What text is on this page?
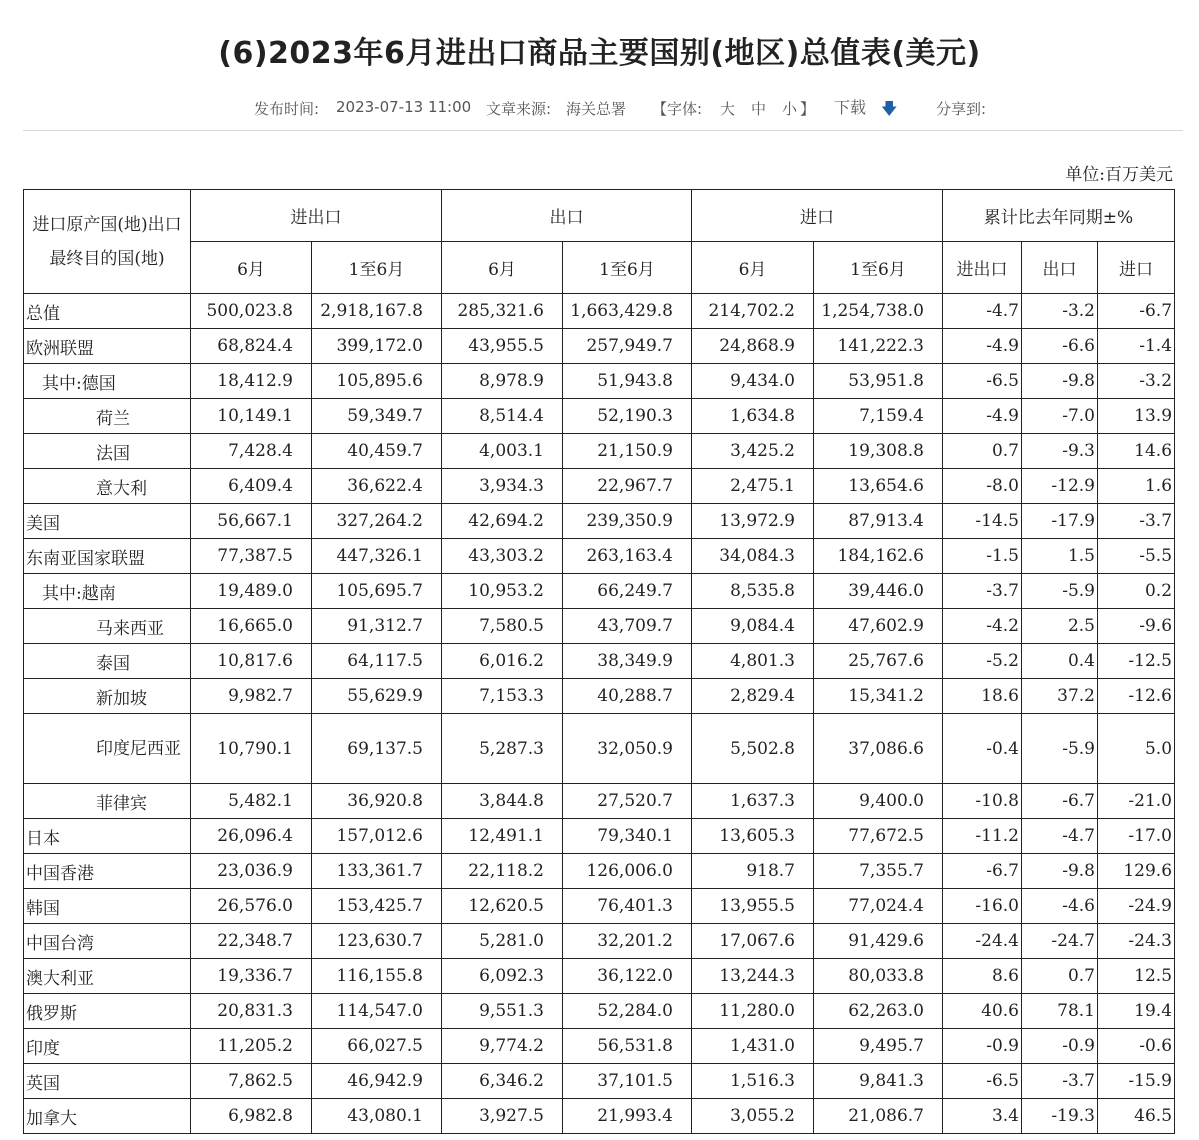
(6)2023年6月进出口商品主要国别(地区)总值表(美元)
发布时间: 2023-07-13 11:00 文章来源: 海关总署 【字体: 大 中 小 】 下载 🡇	分享到:
单位:百万美元
进口原产国(地)出口最终目的国(地)	进出口		出口		进口		累计比去年同期±%		
	6月	1至6月	6月	1至6月	6月	1至6月	进出口	出口	进口
总值	500,023.8	2,918,167.8	285,321.6	1,663,429.8	214,702.2	1,254,738.0	-4.7	-3.2	-6.7
欧洲联盟	68,824.4	399,172.0	43,955.5	257,949.7	24,868.9	141,222.3	-4.9	-6.6	-1.4
其中:德国	18,412.9	105,895.6	8,978.9	51,943.8	9,434.0	53,951.8	-6.5	-9.8	-3.2
荷兰	10,149.1	59,349.7	8,514.4	52,190.3	1,634.8	7,159.4	-4.9	-7.0	13.9
法国	7,428.4	40,459.7	4,003.1	21,150.9	3,425.2	19,308.8	0.7	-9.3	14.6
意大利	6,409.4	36,622.4	3,934.3	22,967.7	2,475.1	13,654.6	-8.0	-12.9	1.6
美国	56,667.1	327,264.2	42,694.2	239,350.9	13,972.9	87,913.4	-14.5	-17.9	-3.7
东南亚国家联盟	77,387.5	447,326.1	43,303.2	263,163.4	34,084.3	184,162.6	-1.5	1.5	-5.5
其中:越南	19,489.0	105,695.7	10,953.2	66,249.7	8,535.8	39,446.0	-3.7	-5.9	0.2
马来西亚	16,665.0	91,312.7	7,580.5	43,709.7	9,084.4	47,602.9	-4.2	2.5	-9.6
泰国	10,817.6	64,117.5	6,016.2	38,349.9	4,801.3	25,767.6	-5.2	0.4	-12.5
新加坡	9,982.7	55,629.9	7,153.3	40,288.7	2,829.4	15,341.2	18.6	37.2	-12.6
印度尼西亚	10,790.1	69,137.5	5,287.3	32,050.9	5,502.8	37,086.6	-0.4	-5.9	5.0
菲律宾	5,482.1	36,920.8	3,844.8	27,520.7	1,637.3	9,400.0	-10.8	-6.7	-21.0
日本	26,096.4	157,012.6	12,491.1	79,340.1	13,605.3	77,672.5	-11.2	-4.7	-17.0
中国香港	23,036.9	133,361.7	22,118.2	126,006.0	918.7	7,355.7	-6.7	-9.8	129.6
韩国	26,576.0	153,425.7	12,620.5	76,401.3	13,955.5	77,024.4	-16.0	-4.6	-24.9
中国台湾	22,348.7	123,630.7	5,281.0	32,201.2	17,067.6	91,429.6	-24.4	-24.7	-24.3
澳大利亚	19,336.7	116,155.8	6,092.3	36,122.0	13,244.3	80,033.8	8.6	0.7	12.5
俄罗斯	20,831.3	114,547.0	9,551.3	52,284.0	11,280.0	62,263.0	40.6	78.1	19.4
印度	11,205.2	66,027.5	9,774.2	56,531.8	1,431.0	9,495.7	-0.9	-0.9	-0.6
英国	7,862.5	46,942.9	6,346.2	37,101.5	1,516.3	9,841.3	-6.5	-3.7	-15.9
加拿大	6,982.8	43,080.1	3,927.5	21,993.4	3,055.2	21,086.7	3.4	-19.3	46.5
